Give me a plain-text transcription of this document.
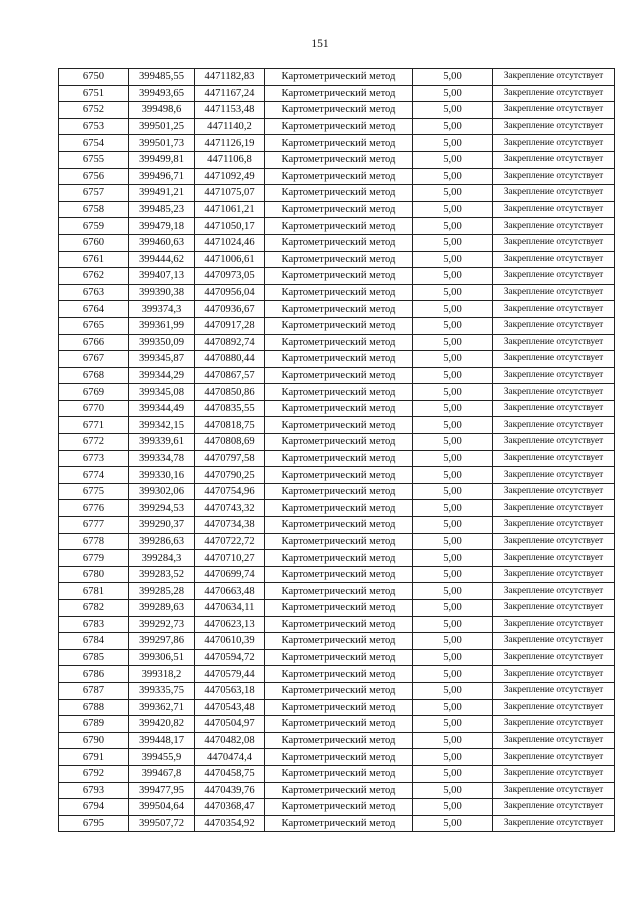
151
6750	399485,55	4471182,83	Картометрический метод	5,00	Закрепление отсутствует
6751	399493,65	4471167,24	Картометрический метод	5,00	Закрепление отсутствует
6752	399498,6	4471153,48	Картометрический метод	5,00	Закрепление отсутствует
6753	399501,25	4471140,2	Картометрический метод	5,00	Закрепление отсутствует
6754	399501,73	4471126,19	Картометрический метод	5,00	Закрепление отсутствует
6755	399499,81	4471106,8	Картометрический метод	5,00	Закрепление отсутствует
6756	399496,71	4471092,49	Картометрический метод	5,00	Закрепление отсутствует
6757	399491,21	4471075,07	Картометрический метод	5,00	Закрепление отсутствует
6758	399485,23	4471061,21	Картометрический метод	5,00	Закрепление отсутствует
6759	399479,18	4471050,17	Картометрический метод	5,00	Закрепление отсутствует
6760	399460,63	4471024,46	Картометрический метод	5,00	Закрепление отсутствует
6761	399444,62	4471006,61	Картометрический метод	5,00	Закрепление отсутствует
6762	399407,13	4470973,05	Картометрический метод	5,00	Закрепление отсутствует
6763	399390,38	4470956,04	Картометрический метод	5,00	Закрепление отсутствует
6764	399374,3	4470936,67	Картометрический метод	5,00	Закрепление отсутствует
6765	399361,99	4470917,28	Картометрический метод	5,00	Закрепление отсутствует
6766	399350,09	4470892,74	Картометрический метод	5,00	Закрепление отсутствует
6767	399345,87	4470880,44	Картометрический метод	5,00	Закрепление отсутствует
6768	399344,29	4470867,57	Картометрический метод	5,00	Закрепление отсутствует
6769	399345,08	4470850,86	Картометрический метод	5,00	Закрепление отсутствует
6770	399344,49	4470835,55	Картометрический метод	5,00	Закрепление отсутствует
6771	399342,15	4470818,75	Картометрический метод	5,00	Закрепление отсутствует
6772	399339,61	4470808,69	Картометрический метод	5,00	Закрепление отсутствует
6773	399334,78	4470797,58	Картометрический метод	5,00	Закрепление отсутствует
6774	399330,16	4470790,25	Картометрический метод	5,00	Закрепление отсутствует
6775	399302,06	4470754,96	Картометрический метод	5,00	Закрепление отсутствует
6776	399294,53	4470743,32	Картометрический метод	5,00	Закрепление отсутствует
6777	399290,37	4470734,38	Картометрический метод	5,00	Закрепление отсутствует
6778	399286,63	4470722,72	Картометрический метод	5,00	Закрепление отсутствует
6779	399284,3	4470710,27	Картометрический метод	5,00	Закрепление отсутствует
6780	399283,52	4470699,74	Картометрический метод	5,00	Закрепление отсутствует
6781	399285,28	4470663,48	Картометрический метод	5,00	Закрепление отсутствует
6782	399289,63	4470634,11	Картометрический метод	5,00	Закрепление отсутствует
6783	399292,73	4470623,13	Картометрический метод	5,00	Закрепление отсутствует
6784	399297,86	4470610,39	Картометрический метод	5,00	Закрепление отсутствует
6785	399306,51	4470594,72	Картометрический метод	5,00	Закрепление отсутствует
6786	399318,2	4470579,44	Картометрический метод	5,00	Закрепление отсутствует
6787	399335,75	4470563,18	Картометрический метод	5,00	Закрепление отсутствует
6788	399362,71	4470543,48	Картометрический метод	5,00	Закрепление отсутствует
6789	399420,82	4470504,97	Картометрический метод	5,00	Закрепление отсутствует
6790	399448,17	4470482,08	Картометрический метод	5,00	Закрепление отсутствует
6791	399455,9	4470474,4	Картометрический метод	5,00	Закрепление отсутствует
6792	399467,8	4470458,75	Картометрический метод	5,00	Закрепление отсутствует
6793	399477,95	4470439,76	Картометрический метод	5,00	Закрепление отсутствует
6794	399504,64	4470368,47	Картометрический метод	5,00	Закрепление отсутствует
6795	399507,72	4470354,92	Картометрический метод	5,00	Закрепление отсутствует
